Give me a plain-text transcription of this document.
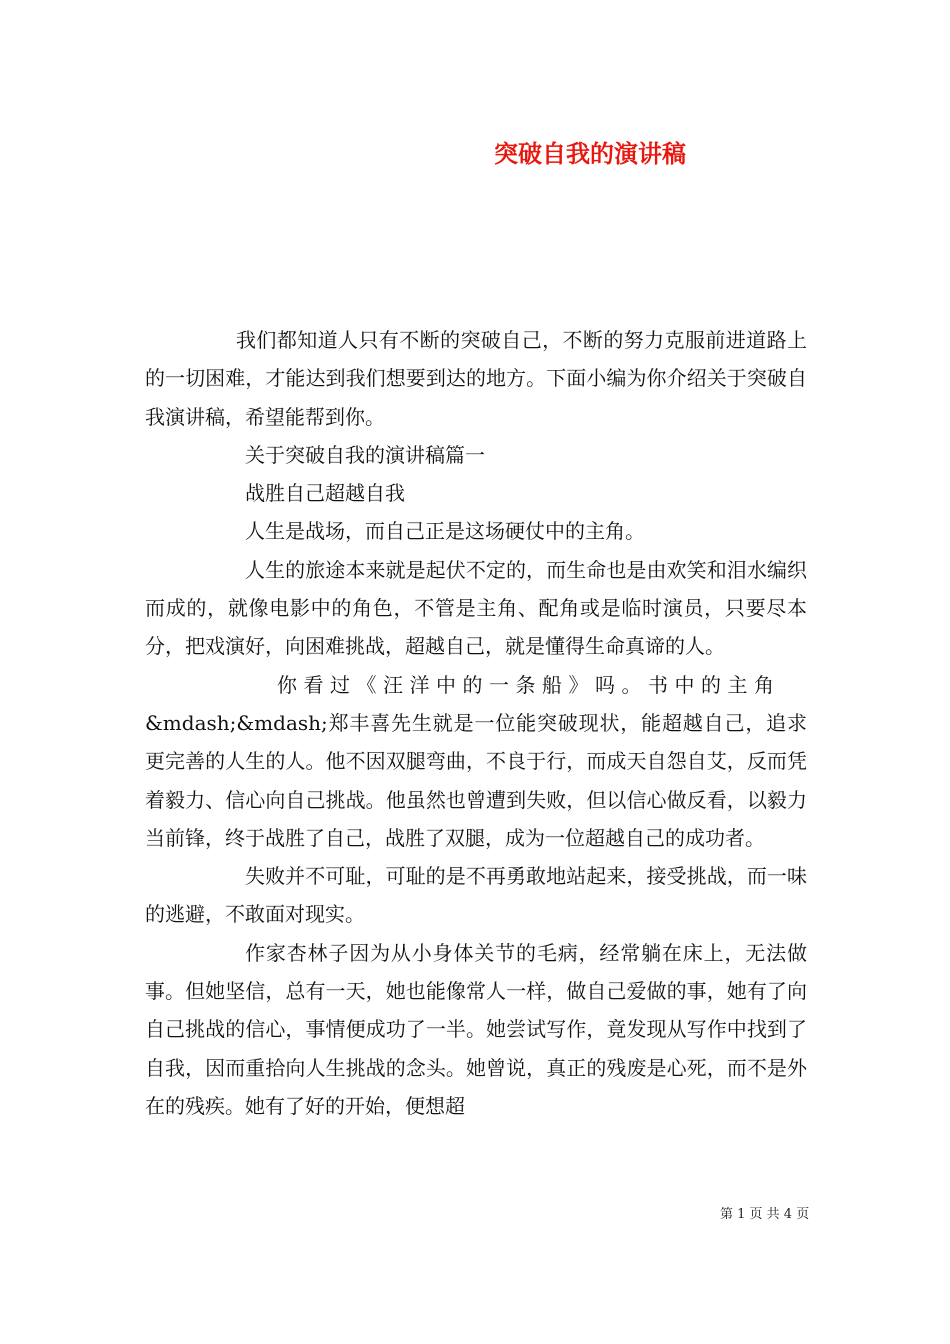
突破自我的演讲稿

我们都知道人只有不断的突破自己，不断的努力克服前进道路上的一切困难，才能达到我们想要到达的地方。下面小编为你介绍关于突破自我演讲稿，希望能帮到你。

关于突破自我的演讲稿篇一

战胜自己超越自我

人生是战场，而自己正是这场硬仗中的主角。

人生的旅途本来就是起伏不定的，而生命也是由欢笑和泪水编织而成的，就像电影中的角色，不管是主角、配角或是临时演员，只要尽本分，把戏演好，向困难挑战，超越自己，就是懂得生命真谛的人。

你看过《汪洋中的一条船》吗。书中的主角

&mdash;&mdash;郑丰喜先生就是一位能突破现状，能超越自己，追求更完善的人生的人。他不因双腿弯曲，不良于行，而成天自怨自艾，反而凭着毅力、信心向自己挑战。他虽然也曾遭到失败，但以信心做反看，以毅力当前锋，终于战胜了自己，战胜了双腿，成为一位超越自己的成功者。

失败并不可耻，可耻的是不再勇敢地站起来，接受挑战，而一味的逃避，不敢面对现实。

作家杏林子因为从小身体关节的毛病，经常躺在床上，无法做事。但她坚信，总有一天，她也能像常人一样，做自己爱做的事，她有了向自己挑战的信心，事情便成功了一半。她尝试写作，竟发现从写作中找到了自我，因而重拾向人生挑战的念头。她曾说，真正的残废是心死，而不是外在的残疾。她有了好的开始，便想超

第 1 页 共 4 页
